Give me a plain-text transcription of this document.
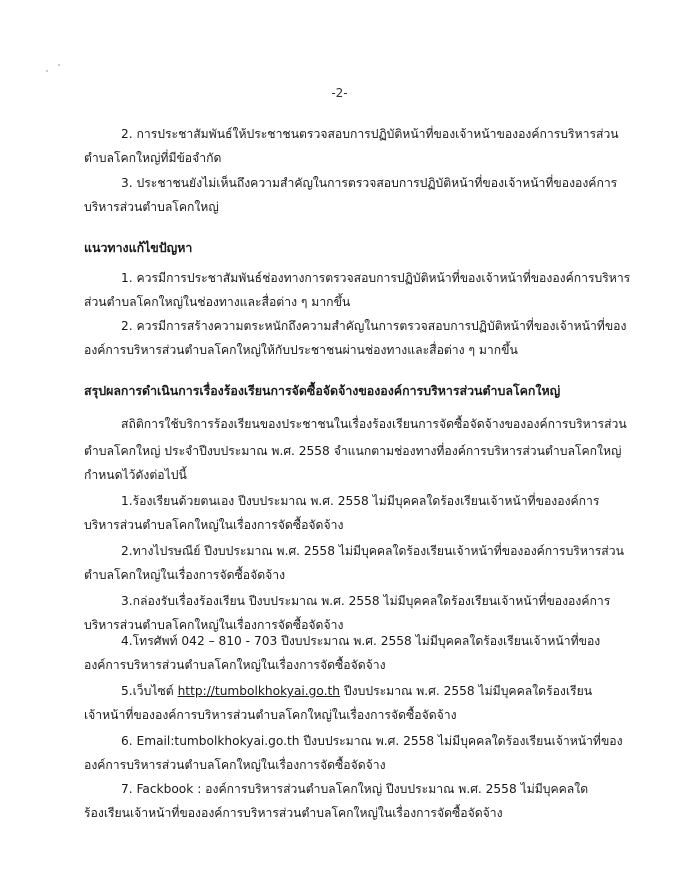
-2-
2. การประชาสัมพันธ์ให้ประชาชนตรวจสอบการปฏิบัติหน้าที่ของเจ้าหน้าขององค์การบริหารส่วน
ตำบลโคกใหญ่ที่มีข้อจำกัด
3. ประชาชนยังไม่เห็นถึงความสำคัญในการตรวจสอบการปฏิบัติหน้าที่ของเจ้าหน้าที่ขององค์การ
บริหารส่วนตำบลโคกใหญ่
แนวทางแก้ไขปัญหา
1. ควรมีการประชาสัมพันธ์ช่องทางการตรวจสอบการปฏิบัติหน้าที่ของเจ้าหน้าที่ขององค์การบริหาร
ส่วนตำบลโคกใหญ่ในช่องทางและสื่อต่าง ๆ มากขึ้น
2. ควรมีการสร้างความตระหนักถึงความสำคัญในการตรวจสอบการปฏิบัติหน้าที่ของเจ้าหน้าที่ของ
องค์การบริหารส่วนตำบลโคกใหญ่ให้กับประชาชนผ่านช่องทางและสื่อต่าง ๆ มากขึ้น
สรุปผลการดำเนินการเรื่องร้องเรียนการจัดซื้อจัดจ้างขององค์การบริหารส่วนตำบลโคกใหญ่
สถิติการใช้บริการร้องเรียนของประชาชนในเรื่องร้องเรียนการจัดซื้อจัดจ้างขององค์การบริหารส่วน
ตำบลโคกใหญ่ ประจำปีงบประมาณ พ.ศ. 2558 จำแนกตามช่องทางที่องค์การบริหารส่วนตำบลโคกใหญ่
กำหนดไว้ดังต่อไปนี้
1.ร้องเรียนด้วยตนเอง ปีงบประมาณ พ.ศ. 2558 ไม่มีบุคคลใดร้องเรียนเจ้าหน้าที่ขององค์การ
บริหารส่วนตำบลโคกใหญ่ในเรื่องการจัดซื้อจัดจ้าง
2.ทางไปรษณีย์ ปีงบประมาณ พ.ศ. 2558 ไม่มีบุคคลใดร้องเรียนเจ้าหน้าที่ขององค์การบริหารส่วน
ตำบลโคกใหญ่ในเรื่องการจัดซื้อจัดจ้าง
3.กล่องรับเรื่องร้องเรียน ปีงบประมาณ พ.ศ. 2558 ไม่มีบุคคลใดร้องเรียนเจ้าหน้าที่ขององค์การ
บริหารส่วนตำบลโคกใหญ่ในเรื่องการจัดซื้อจัดจ้าง
4.โทรศัพท์ 042 – 810 - 703 ปีงบประมาณ พ.ศ. 2558 ไม่มีบุคคลใดร้องเรียนเจ้าหน้าที่ของ
องค์การบริหารส่วนตำบลโคกใหญ่ในเรื่องการจัดซื้อจัดจ้าง
5.เว็บไซต์ http://tumbolkhokyai.go.th ปีงบประมาณ พ.ศ. 2558 ไม่มีบุคคลใดร้องเรียน
เจ้าหน้าที่ขององค์การบริหารส่วนตำบลโคกใหญ่ในเรื่องการจัดซื้อจัดจ้าง
6. Email:tumbolkhokyai.go.th ปีงบประมาณ พ.ศ. 2558 ไม่มีบุคคลใดร้องเรียนเจ้าหน้าที่ของ
องค์การบริหารส่วนตำบลโคกใหญ่ในเรื่องการจัดซื้อจัดจ้าง
7. Fackbook : องค์การบริหารส่วนตำบลโคกใหญ่ ปีงบประมาณ พ.ศ. 2558 ไม่มีบุคคลใด
ร้องเรียนเจ้าหน้าที่ขององค์การบริหารส่วนตำบลโคกใหญ่ในเรื่องการจัดซื้อจัดจ้าง
